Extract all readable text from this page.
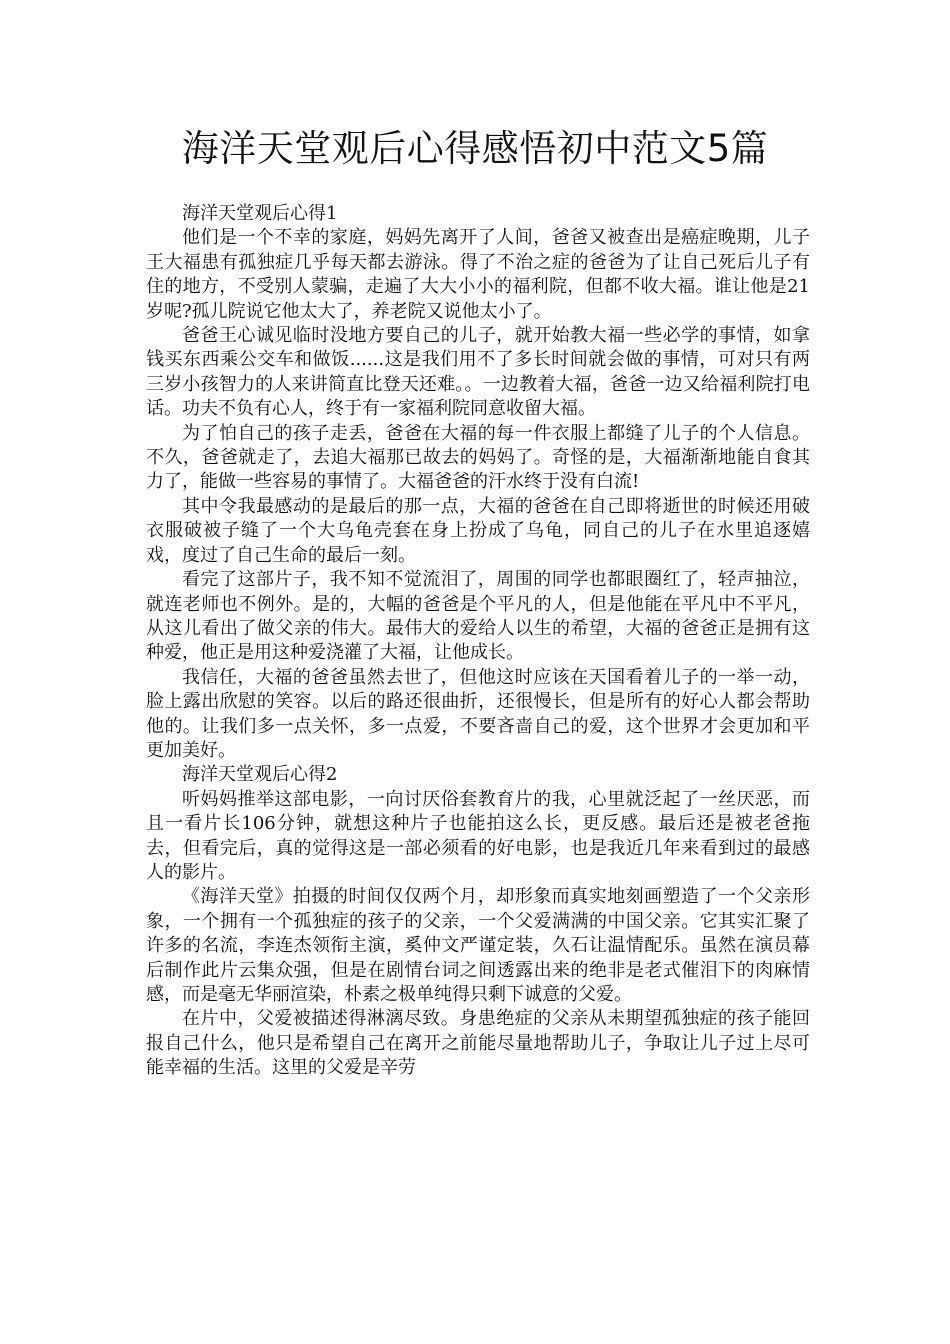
海洋天堂观后心得感悟初中范文5篇

海洋天堂观后心得1

他们是一个不幸的家庭，妈妈先离开了人间，爸爸又被查出是癌症晚期，儿子王大福患有孤独症几乎每天都去游泳。得了不治之症的爸爸为了让自己死后儿子有住的地方，不受别人蒙骗，走遍了大大小小的福利院，但都不收大福。谁让他是21岁呢?孤儿院说它他太大了，养老院又说他太小了。

爸爸王心诚见临时没地方要自己的儿子，就开始教大福一些必学的事情，如拿钱买东西乘公交车和做饭......这是我们用不了多长时间就会做的事情，可对只有两三岁小孩智力的人来讲简直比登天还难。。一边教着大福，爸爸一边又给福利院打电话。功夫不负有心人，终于有一家福利院同意收留大福。

为了怕自己的孩子走丢，爸爸在大福的每一件衣服上都缝了儿子的个人信息。不久，爸爸就走了，去追大福那已故去的妈妈了。奇怪的是，大福渐渐地能自食其力了，能做一些容易的事情了。大福爸爸的汗水终于没有白流!

其中令我最感动的是最后的那一点，大福的爸爸在自己即将逝世的时候还用破衣服破被子缝了一个大乌龟壳套在身上扮成了乌龟，同自己的儿子在水里追逐嬉戏，度过了自己生命的最后一刻。

看完了这部片子，我不知不觉流泪了，周围的同学也都眼圈红了，轻声抽泣，就连老师也不例外。是的，大幅的爸爸是个平凡的人，但是他能在平凡中不平凡，从这儿看出了做父亲的伟大。最伟大的爱给人以生的希望，大福的爸爸正是拥有这种爱，他正是用这种爱浇灌了大福，让他成长。

我信任，大福的爸爸虽然去世了，但他这时应该在天国看着儿子的一举一动，脸上露出欣慰的笑容。以后的路还很曲折，还很慢长，但是所有的好心人都会帮助他的。让我们多一点关怀，多一点爱，不要吝啬自己的爱，这个世界才会更加和平更加美好。

海洋天堂观后心得2

听妈妈推举这部电影，一向讨厌俗套教育片的我，心里就泛起了一丝厌恶，而且一看片长106分钟，就想这种片子也能拍这么长，更反感。最后还是被老爸拖去，但看完后，真的觉得这是一部必须看的好电影，也是我近几年来看到过的最感人的影片。

《海洋天堂》拍摄的时间仅仅两个月，却形象而真实地刻画塑造了一个父亲形象，一个拥有一个孤独症的孩子的父亲，一个父爱满满的中国父亲。它其实汇聚了许多的名流，李连杰领衔主演，奚仲文严谨定装，久石让温情配乐。虽然在演员幕后制作此片云集众强，但是在剧情台词之间透露出来的绝非是老式催泪下的肉麻情感，而是毫无华丽渲染，朴素之极单纯得只剩下诚意的父爱。

在片中，父爱被描述得淋漓尽致。身患绝症的父亲从未期望孤独症的孩子能回报自己什么，他只是希望自己在离开之前能尽量地帮助儿子，争取让儿子过上尽可能幸福的生活。这里的父爱是辛劳
